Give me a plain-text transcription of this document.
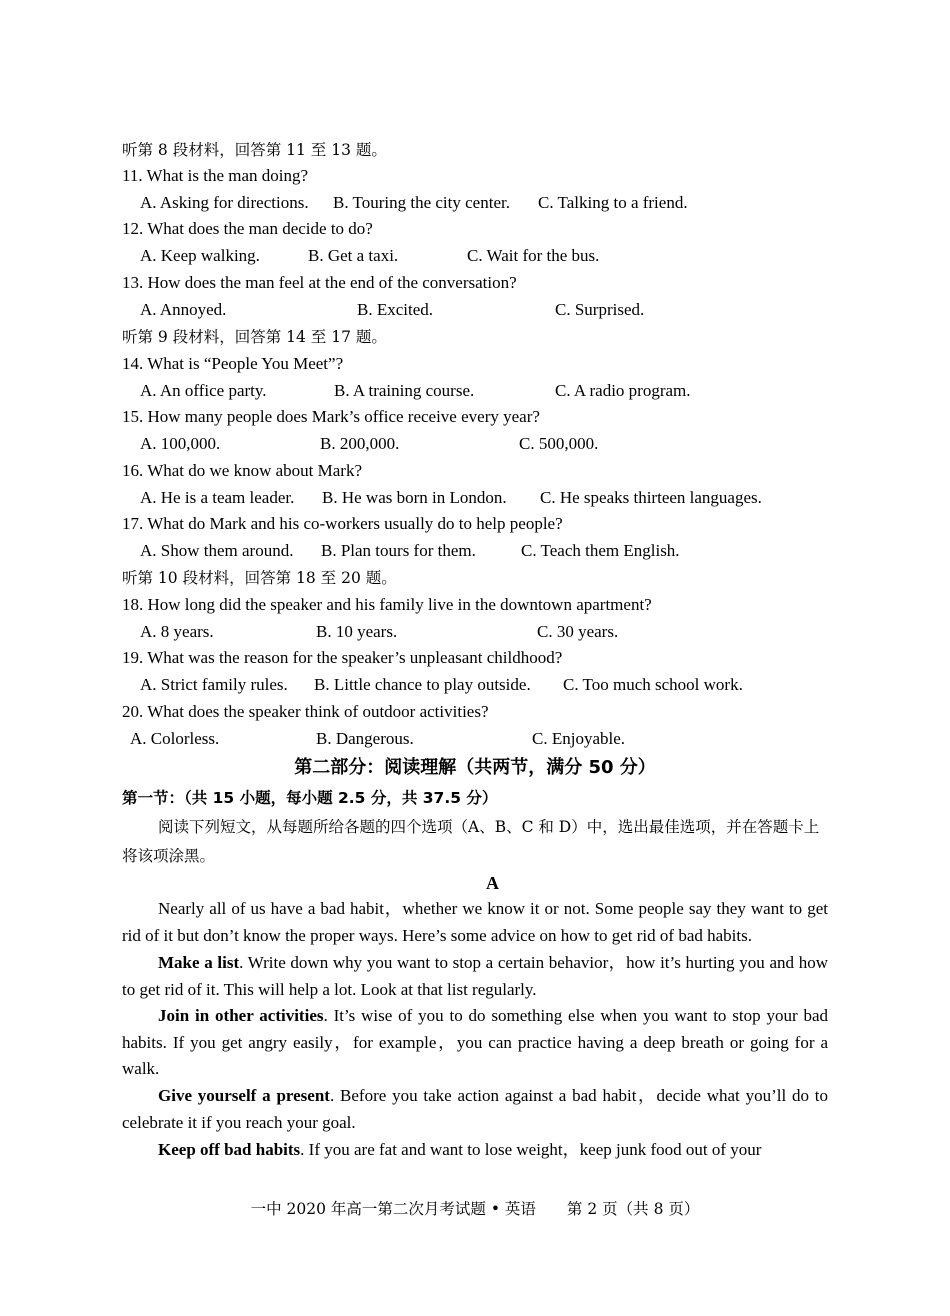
听第 8 段材料，回答第 11 至 13 题。
11. What is the man doing?
A. Asking for directions. B. Touring the city center. C. Talking to a friend.
12. What does the man decide to do?
A. Keep walking.	B. Get a taxi.	C. Wait for the bus.
13. How does the man feel at the end of the conversation?
A. Annoyed.	B. Excited.	C. Surprised.
听第 9 段材料，回答第 14 至 17 题。
14. What is “People You Meet”?
A. An office party.	B. A training course.	C. A radio program.
15. How many people does Mark’s office receive every year?
A. 100,000.	B. 200,000.	C. 500,000.
16. What do we know about Mark?
A. He is a team leader. B. He was born in London. C. He speaks thirteen languages.
17. What do Mark and his co-workers usually do to help people?
A. Show them around. B. Plan tours for them.	C. Teach them English.
听第 10 段材料，回答第 18 至 20 题。
18. How long did the speaker and his family live in the downtown apartment?
A. 8 years.	B. 10 years.	C. 30 years.
19. What was the reason for the speaker’s unpleasant childhood?
A. Strict family rules. B. Little chance to play outside. C. Too much school work.
20. What does the speaker think of outdoor activities?
A. Colorless.	B. Dangerous.	C. Enjoyable.
第二部分：阅读理解（共两节，满分 50 分）
第一节：（共 15 小题，每小题 2.5 分，共 37.5 分）
阅读下列短文，从每题所给各题的四个选项（A、B、C 和 D）中，选出最佳选项，并在答题卡上将该项涂黑。
A
Nearly all of us have a bad habit，whether we know it or not. Some people say they want to get rid of it but don’t know the proper ways. Here’s some advice on how to get rid of bad habits.
Make a list. Write down why you want to stop a certain behavior，how it’s hurting you and how to get rid of it. This will help a lot. Look at that list regularly.
Join in other activities. It’s wise of you to do something else when you want to stop your bad habits. If you get angry easily，for example，you can practice having a deep breath or going for a walk.
Give yourself a present. Before you take action against a bad habit，decide what you’ll do to celebrate it if you reach your goal.
Keep off bad habits. If you are fat and want to lose weight，keep junk food out of your
一中 2020 年高一第二次月考试题 • 英语　　第 2 页（共 8 页）
